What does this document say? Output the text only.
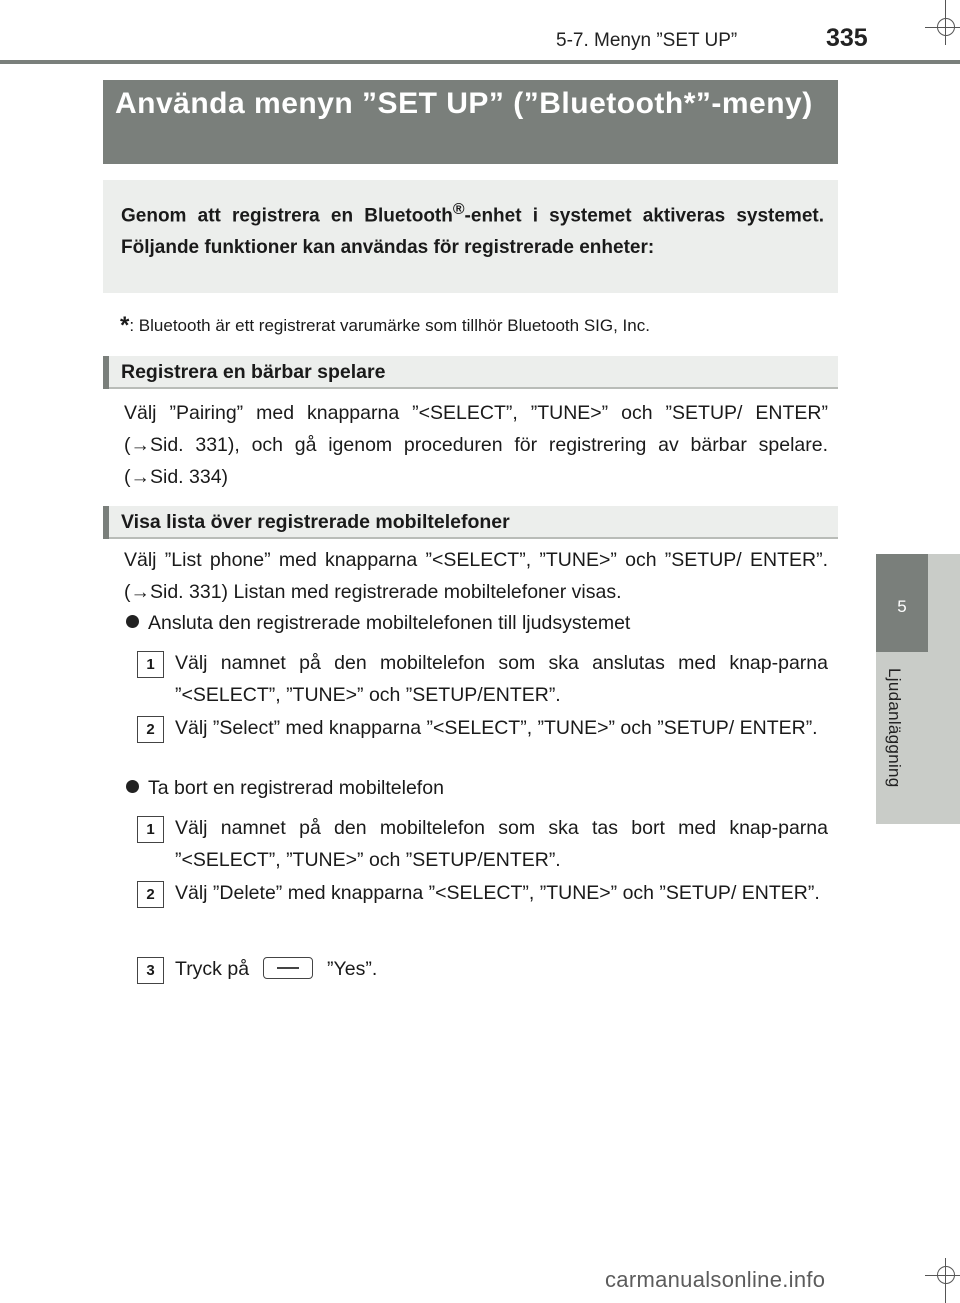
5-7. Menyn ”SET UP”	335
5
Ljudanläggning
Använda menyn ”SET UP” (”Bluetooth*”-meny)
Genom att registrera en Bluetooth®-enhet i systemet aktiveras systemet. Följande funktioner kan användas för registrerade enheter:
*: Bluetooth är ett registrerat varumärke som tillhör Bluetooth SIG, Inc.
Registrera en bärbar spelare

Välj ”Pairing” med knapparna ”<SELECT”, ”TUNE>” och ”SETUP/ ENTER” (→Sid. 331), och gå igenom proceduren för registrering av bärbar spelare. (→Sid. 334)

Visa lista över registrerade mobiltelefoner

Välj ”List phone” med knapparna ”<SELECT”, ”TUNE>” och ”SETUP/ ENTER”. (→Sid. 331) Listan med registrerade mobiltelefoner visas.

Ansluta den registrerade mobiltelefonen till ljudsystemet
1	Välj namnet på den mobiltelefon som ska anslutas med knap-parna ”<SELECT”, ”TUNE>” och ”SETUP/ENTER”.
2	Välj ”Select” med knapparna ”<SELECT”, ”TUNE>” och ”SETUP/ ENTER”.
Ta bort en registrerad mobiltelefon
1	Välj namnet på den mobiltelefon som ska tas bort med knap-parna ”<SELECT”, ”TUNE>” och ”SETUP/ENTER”.
2	Välj ”Delete” med knapparna ”<SELECT”, ”TUNE>” och ”SETUP/ ENTER”.
3	Tryck på	”Yes”.
carmanualsonline.info
